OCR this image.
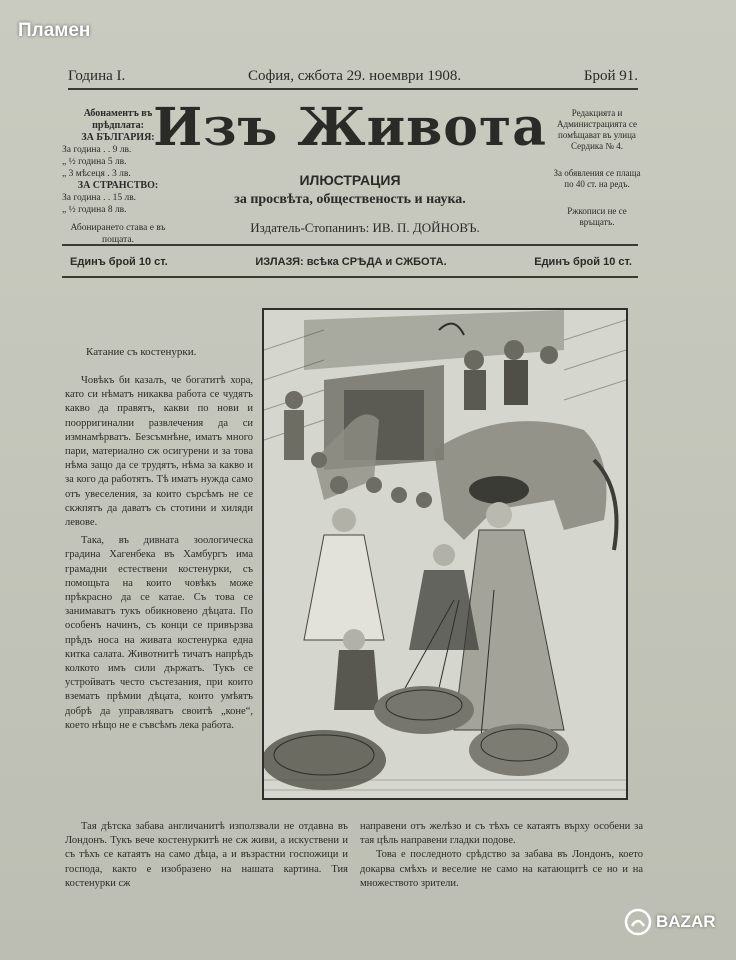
Пламен
Година I.	София, сжбота 29. ноември 1908.	Брой 91.
Абонаментъ въ прѣдплата:
ЗА БЪЛГАРИЯ:
За година . . 9 лв.
„ ½ година 5 лв.
„ 3 мѣсеця . 3 лв.
ЗА СТРАНСТВО:
За година . . 15 лв.
„ ½ година 8 лв.
Абонирането става е въ пощата.
Изъ Живота
ИЛЮСТРАЦИЯ
за просвѣта, общественость и наука.
Издатель-Стопанинъ: ИВ. П. ДОЙНОВЪ.

Редакцията и Администрацията се помѣщават въ улица Сердика № 4.

За обявления се плаща по 40 ст. на редъ.

Ржкописи не се връщатъ.

Единъ брой 10 ст.	ИЗЛАЗЯ: всѣка СРѢДА и СЖБОТА.	Единъ брой 10 ст.
Катание съ костенурки.

Човѣкъ би казалъ, че богатитѣ хора, като си нѣматъ никаква работа се чудятъ какво да правятъ, какви по нови и поорригинални развлечения да си измнамѣрватъ. Безсъмнѣне, иматъ много пари, материално сж осигурени и за това нѣма защо да се трудятъ, нѣма за какво и за кого да работятъ. Тѣ иматъ нужда само отъ увеселения, за които сърсѣмъ не се скжпятъ да даватъ съ стотини и хиляди левове.

Така, въ дивната зоологическа градина Хагенбека въ Хамбургъ има грамадни естествени костенурки, съ помощьта на които човѣкъ може прѣкрасно да се катае. Съ това се занимаватъ тукъ обикновено дѣцата. По особенъ начинъ, съ конци се привързва прѣдъ носа на живата костенурка една китка салата. Животнитѣ тичатъ напрѣдъ колкото имъ сили държатъ. Тукъ се устройватъ често състезания, при които взематъ прѣмии дѣцата, които умѣятъ добрѣ да управляватъ своитѣ „коне“, което нѣщо не е съвсѣмъ лека работа.

Тая дѣтска забава англичанитѣ използвали не отдавна въ Лондонъ. Тукъ вече костенуркитѣ не сж живи, а искуствени и съ тѣхъ се катаятъ на само дѣца, а и възрастни госпожици и господа, както е изобразено на нашата картина. Тия костенурки сж
направени отъ желѣзо и съ тѣхъ се катаятъ върху особени за тая цѣль направени гладки подове.
Това е последното срѣдство за забава въ Лондонъ, което докарва смѣхъ и веселие не само на катающитѣ се но и на множеството зрители.
BAZAR
